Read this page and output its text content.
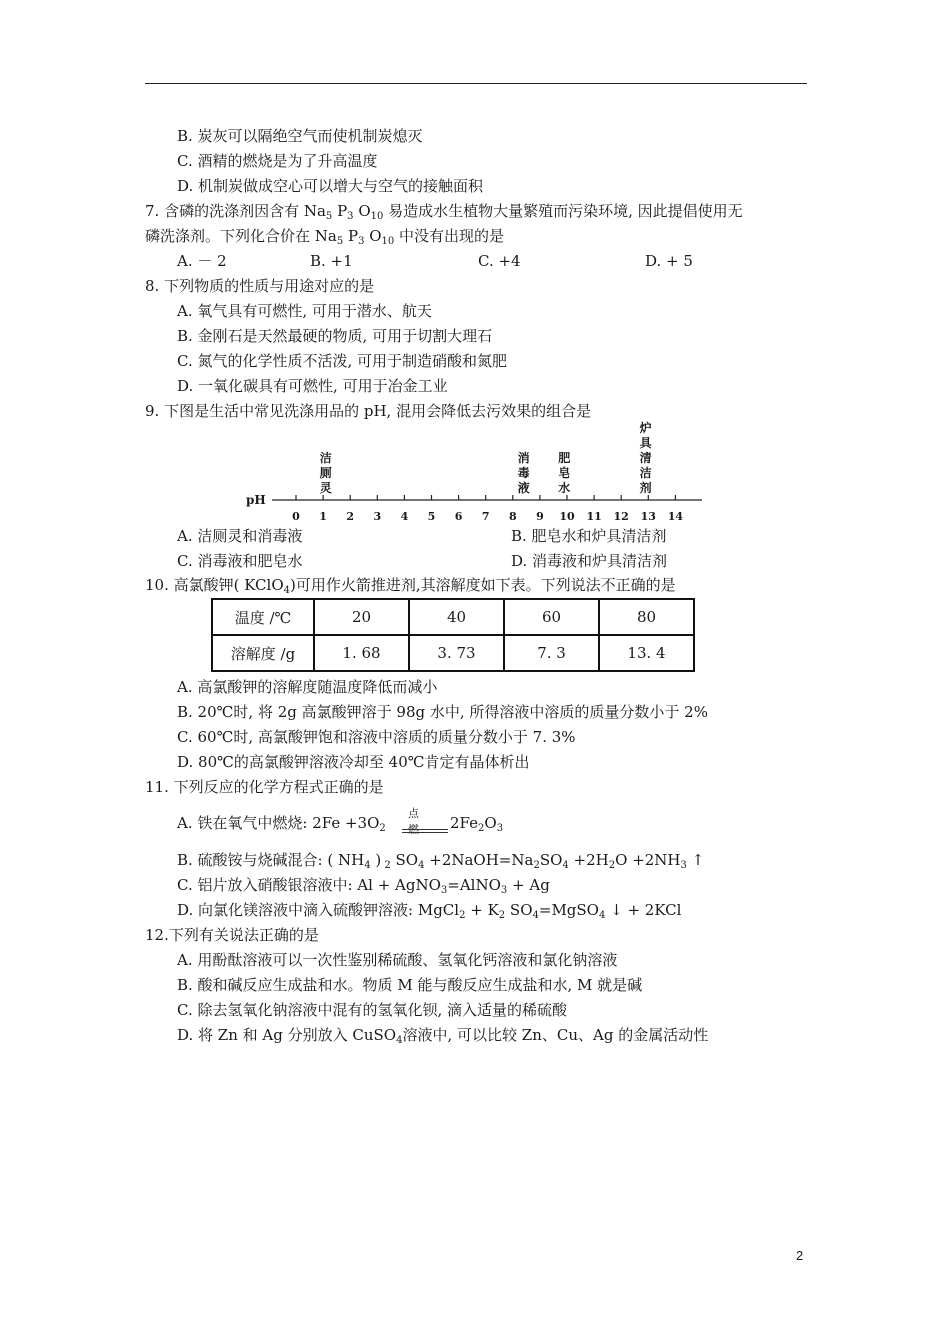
B. 炭灰可以隔绝空气而使机制炭熄灭
C. 酒精的燃烧是为了升高温度
D. 机制炭做成空心可以增大与空气的接触面积
7. 含磷的洗涤剂因含有 $Na_5$ $P_3$ $O_{10}$ 易造成水生植物大量繁殖而污染环境, 因此提倡使用无
磷洗涤剂。下列化合价在 $Na_5$ $P_3$ $O_{10}$ 中没有出现的是
A. － 2	B. +1	C. +4	D. + 5
8. 下列物质的性质与用途对应的是
A. 氧气具有可燃性, 可用于潜水、航天
B. 金刚石是天然最硬的物质, 可用于切割大理石
C. 氮气的化学性质不活泼, 可用于制造硝酸和氮肥
D. 一氧化碳具有可燃性, 可用于冶金工业
9. 下图是生活中常见洗涤用品的 pH, 混用会降低去污效果的组合是
pH
0 1 2 3 4 5 6 7 8 9 10 11 12 13 14
洁
厕
灵
消
毒
液
肥
皂
水
炉
具
清
洁
剂
A. 洁厕灵和消毒液	B. 肥皂水和炉具清洁剂
C. 消毒液和肥皂水	D. 消毒液和炉具清洁剂
10. 高氯酸钾( KClO$_4$)可用作火箭推进剂,其溶解度如下表。下列说法不正确的是
温度 /℃	20	40	60	80
溶解度 /g	1. 68	3. 73	7. 3	13. 4
A. 高氯酸钾的溶解度随温度降低而减小
B. 20℃时, 将 2g 高氯酸钾溶于 98g 水中, 所得溶液中溶质的质量分数小于 2%
C. 60℃时, 高氯酸钾饱和溶液中溶质的质量分数小于 7. 3%
D. 80℃的高氯酸钾溶液冷却至 40℃肯定有晶体析出
11. 下列反应的化学方程式正确的是
A. 铁在氧气中燃烧: $2Fe +3O_2$
点燃 $2Fe_2O_3$
B. 硫酸铵与烧碱混合: ( $NH_4$ ) $_2$ $SO_4$ $+2NaOH=Na_2SO_4 +2H_2O +2NH_3$ ↑
C. 铝片放入硝酸银溶液中: Al + AgNO$_3$=AlNO$_3$ + Ag
D. 向氯化镁溶液中滴入硫酸钾溶液: MgCl$_2$ + $K_2$ $SO_4=MgSO_4$ ↓ + 2KCl
12.下列有关说法正确的是
A. 用酚酞溶液可以一次性鉴别稀硫酸、氢氧化钙溶液和氯化钠溶液
B. 酸和碱反应生成盐和水。物质 M 能与酸反应生成盐和水, M 就是碱
C. 除去氢氧化钠溶液中混有的氢氧化钡, 滴入适量的稀硫酸
D. 将 Zn 和 Ag 分别放入 CuSO$_4$溶液中, 可以比较 Zn、Cu、Ag 的金属活动性
2
